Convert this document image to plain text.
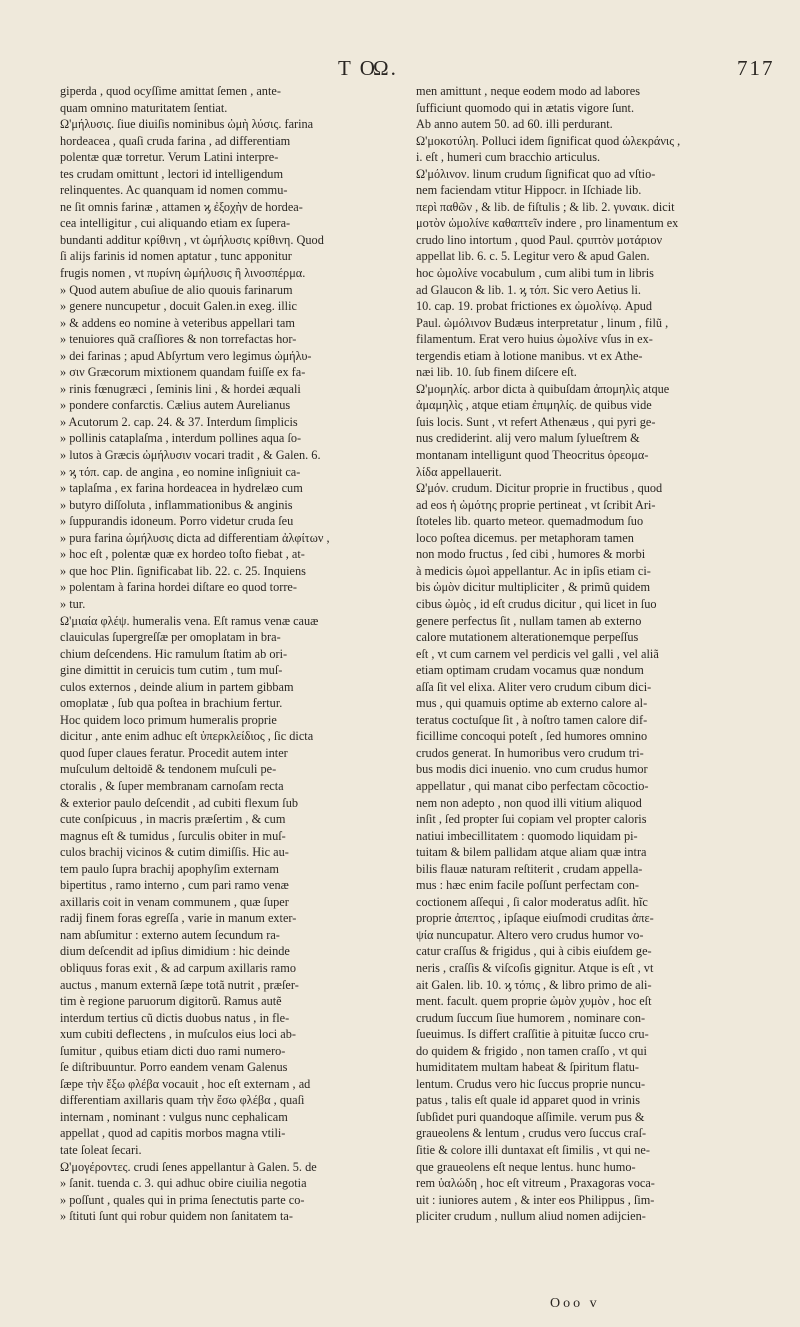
T O
Ω.	717
giperda , quod ocyſſime amittat ſemen , ante-
quam omnino maturitatem ſentiat.
Ω'μήλυσις. ſiue diuiſis nominibus ὠμὴ λύσις. farina
hordeacea , quaſi cruda farina , ad differentiam
polentæ quæ torretur. Verum Latini interpre-
tes crudam omittunt , lectori id intelligendum
relinquentes. Ac quanquam id nomen commu-
ne ſit omnis farinæ , attamen ϗ ἐξοχὴν de hordea-
cea intelligitur , cui aliquando etiam ex ſupera-
bundanti additur κρίθινη , vt ὠμήλυσις κρίθινη. Quod
ſi alijs farinis id nomen aptatur , tunc apponitur
frugis nomen , vt πυρίνη ὠμήλυσις ἢ λινοσπέρμα.
» Quod autem abuſiue de alio quouis farinarum
» genere nuncupetur , docuit Galen.in exeg. illic
» & addens eo nomine à veteribus appellari tam
» tenuiores quã craſſiores & non torrefactas hor-
» dei farinas ; apud Abſyrtum vero legimus ὠμήλυ-
» σιν Græcorum mixtionem quandam fuiſſe ex fa-
» rinis fœnugræci , ſeminis lini , & hordei æquali
» pondere confarctis. Cælius autem Aurelianus
» Acutorum 2. cap. 24. & 37. Interdum ſimplicis
» pollinis cataplaſma , interdum pollines aqua ſo-
» lutos à Græcis ὠμήλυσιν vocari tradit , & Galen. 6.
» ϗ τόπ. cap. de angina , eo nomine inſigniuit ca-
» taplaſma , ex farina hordeacea in hydrelæo cum
» butyro diſſoluta , inflammationibus & anginis
» ſuppurandis idoneum. Porro videtur cruda ſeu
» pura farina ὠμήλυσις dicta ad differentiam ἀλφίτων ,
» hoc eſt , polentæ quæ ex hordeo toſto fiebat , at-
» que hoc Plin. ſignificabat lib. 22. c. 25. Inquiens
» polentam à farina hordei diſtare eo quod torre-
» tur.
Ω'μιαία φλέψ. humeralis vena. Eſt ramus venæ cauæ
clauiculas ſupergreſſæ per omoplatam in bra-
chium deſcendens. Hic ramulum ſtatim ab ori-
gine dimittit in ceruicis tum cutim , tum muſ-
culos externos , deinde alium in partem gibbam
omoplatæ , ſub qua poſtea in brachium fertur.
Hoc quidem loco primum humeralis proprie
dicitur , ante enim adhuc eſt ὑπερκλείδιος , ſic dicta
quod ſuper claues feratur. Procedit autem inter
muſculum deltoidẽ & tendonem muſculi pe-
ctoralis , & ſuper membranam carnoſam recta
& exterior paulo deſcendit , ad cubiti flexum ſub
cute conſpicuus , in macris præſertim , & cum
magnus eſt & tumidus , ſurculis obiter in muſ-
culos brachij vicinos & cutim dimiſſis. Hic au-
tem paulo ſupra brachij apophyſim externam
bipertitus , ramo interno , cum pari ramo venæ
axillaris coit in venam communem , quæ ſuper
radij finem foras egreſſa , varie in manum exter-
nam abſumitur : externo autem ſecundum ra-
dium deſcendit ad ipſius dimidium : hic deinde
obliquus foras exit , & ad carpum axillaris ramo
auctus , manum externã ſæpe totã nutrit , præſer-
tim è regione paruorum digitorũ. Ramus autẽ
interdum tertius cũ dictis duobus natus , in fle-
xum cubiti deflectens , in muſculos eius loci ab-
ſumitur , quibus etiam dicti duo rami numero-
ſe diſtribuuntur. Porro eandem venam Galenus
ſæpe τὴν ἔξω φλέβα vocauit , hoc eſt externam , ad
differentiam axillaris quam τὴν ἔσω φλέβα , quaſi
internam , nominant : vulgus nunc cephalicam
appellat , quod ad capitis morbos magna vtili-
tate ſoleat ſecari.
Ω'μογέροντες. crudi ſenes appellantur à Galen. 5. de
» ſanit. tuenda c. 3. qui adhuc obire ciuilia negotia
» poſſunt , quales qui in prima ſenectutis parte co-
» ſtituti ſunt qui robur quidem non ſanitatem ta-
men amittunt , neque eodem modo ad labores
ſufficiunt quomodo qui in ætatis vigore ſunt.
Ab anno autem 50. ad 60. illi perdurant.
Ω'μοκοτύλη. Polluci idem ſignificat quod ὠλεκράνις ,
i. eſt , humeri cum bracchio articulus.
Ω'μόλινον. linum crudum ſignificat quo ad vſtio-
nem faciendam vtitur Hippocr. in Iſchiade lib.
περὶ παθῶν , & lib. de fiſtulis ; & lib. 2. γυναικ. dicit
μοτὸν ὠμολίνε καθαπτεῖν indere , pro linamentum ex
crudo lino intortum , quod Paul. ςριπτὸν μοτάριον
appellat lib. 6. c. 5. Legitur vero & apud Galen.
hoc ὠμολίνε vocabulum , cum alibi tum in libris
ad Glaucon & lib. 1. ϗ τόπ. Sic vero Aetius li.
10. cap. 19. probat frictiones ex ὠμολίνῳ. Apud
Paul. ὠμόλινον Budæus interpretatur , linum , filũ ,
filamentum. Erat vero huius ὠμολίνε vſus in ex-
tergendis etiam à lotione manibus. vt ex Athe-
næi lib. 10. ſub finem diſcere eſt.
Ω'μομηλίς. arbor dicta à quibuſdam ἀπομηλὶς atque
ἀμαμηλὶς , atque etiam ἐπιμηλίς. de quibus vide
ſuis locis. Sunt , vt refert Athenæus , qui pyri ge-
nus crediderint. alij vero malum ſylueſtrem &
montanam intelligunt quod Theocritus ὀρεομα-
λίδα appellauerit.
Ω'μόν. crudum. Dicitur proprie in fructibus , quod
ad eos ἡ ὠμότης proprie pertineat , vt ſcribit Ari-
ſtoteles lib. quarto meteor. quemadmodum ſuo
loco poſtea dicemus. per metaphoram tamen
non modo fructus , ſed cibi , humores & morbi
à medicis ὠμοὶ appellantur. Ac in ipſis etiam ci-
bis ὠμὸν dicitur multipliciter , & primũ quidem
cibus ὠμὸς , id eſt crudus dicitur , qui licet in ſuo
genere perfectus ſit , nullam tamen ab externo
calore mutationem alterationemque perpeſſus
eſt , vt cum carnem vel perdicis vel galli , vel aliã
etiam optimam crudam vocamus quæ nondum
aſſa ſit vel elixa. Aliter vero crudum cibum dici-
mus , qui quamuis optime ab externo calore al-
teratus coctuſque ſit , à noſtro tamen calore dif-
ficillime concoqui poteſt , ſed humores omnino
crudos generat. In humoribus vero crudum tri-
bus modis dici inuenio. vno cum crudus humor
appellatur , qui manat cibo perfectam cõcoctio-
nem non adepto , non quod illi vitium aliquod
inſit , ſed propter ſui copiam vel propter caloris
natiui imbecillitatem : quomodo liquidam pi-
tuitam & bilem pallidam atque aliam quæ intra
bilis flauæ naturam reſtiterit , crudam appella-
mus : hæc enim facile poſſunt perfectam con-
coctionem aſſequi , ſi calor moderatus adſit. hĩc
proprie ἀπεπτος , ipſaque eiuſmodi cruditas ἀπε-
ψία nuncupatur. Altero vero crudus humor vo-
catur craſſus & frigidus , qui à cibis eiuſdem ge-
neris , craſſis & viſcoſis gignitur. Atque is eſt , vt
ait Galen. lib. 10. ϗ τόπις , & libro primo de ali-
ment. facult. quem proprie ὠμὸν χυμὸν , hoc eſt
crudum ſuccum ſiue humorem , nominare con-
ſueuimus. Is differt craſſitie à pituitæ ſucco cru-
do quidem & frigido , non tamen craſſo , vt qui
humiditatem multam habeat & ſpiritum flatu-
lentum. Crudus vero hic ſuccus proprie nuncu-
patus , talis eſt quale id apparet quod in vrinis
ſubſidet puri quandoque aſſimile. verum pus &
graueolens & lentum , crudus vero ſuccus craſ-
ſitie & colore illi duntaxat eſt ſimilis , vt qui ne-
que graueolens eſt neque lentus. hunc humo-
rem ὑαλώδη , hoc eſt vitreum , Praxagoras voca-
uit : iuniores autem , & inter eos Philippus , ſim-
pliciter crudum , nullum aliud nomen adijcien-
Ooo v
